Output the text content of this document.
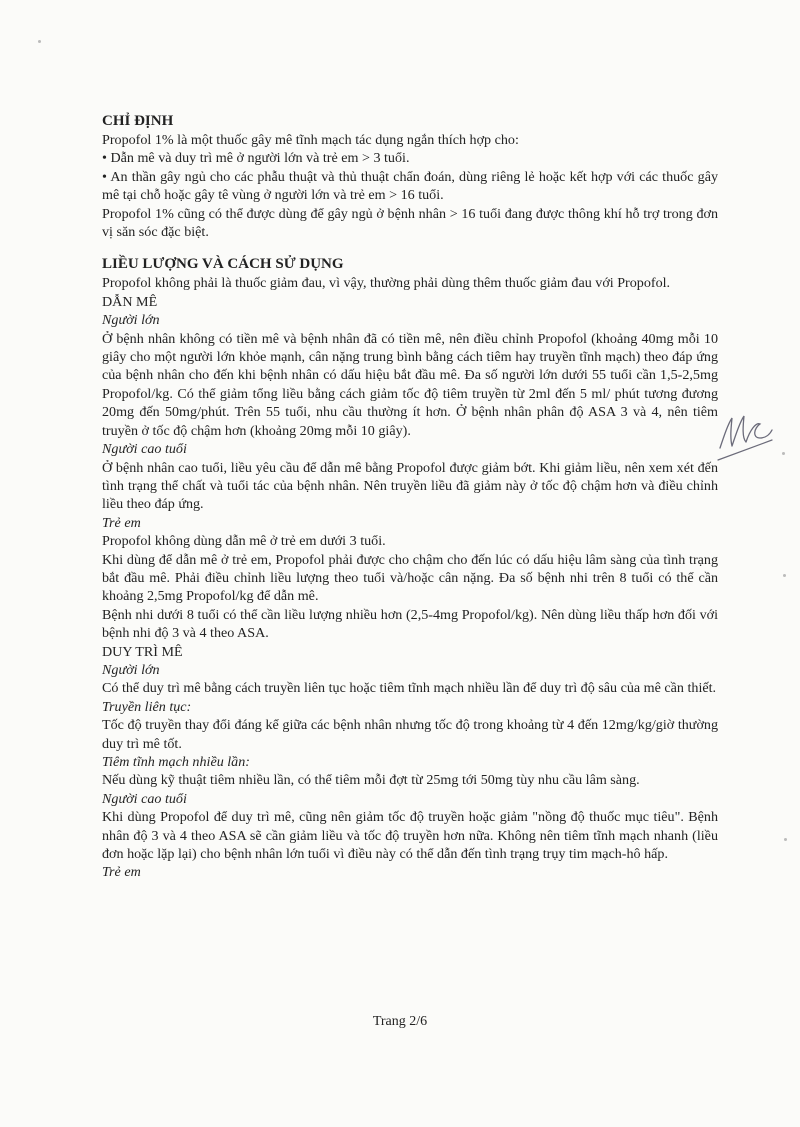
CHỈ ĐỊNH
Propofol 1% là một thuốc gây mê tĩnh mạch tác dụng ngắn thích hợp cho:
• Dẫn mê và duy trì mê ở người lớn và trẻ em > 3 tuổi.
• An thần gây ngủ cho các phẫu thuật và thủ thuật chẩn đoán, dùng riêng lẻ hoặc kết hợp với các thuốc gây mê tại chỗ hoặc gây tê vùng ở người lớn và trẻ em > 16 tuổi.
Propofol 1% cũng có thể được dùng để gây ngủ ở bệnh nhân > 16 tuổi đang được thông khí hỗ trợ trong đơn vị săn sóc đặc biệt.
LIỀU LƯỢNG VÀ CÁCH SỬ DỤNG
Propofol không phải là thuốc giảm đau, vì vậy, thường phải dùng thêm thuốc giảm đau với Propofol.
DẪN MÊ
Người lớn
Ở bệnh nhân không có tiền mê và bệnh nhân đã có tiền mê, nên điều chỉnh Propofol (khoảng 40mg mỗi 10 giây cho một người lớn khỏe mạnh, cân nặng trung bình bằng cách tiêm hay truyền tĩnh mạch) theo đáp ứng của bệnh nhân cho đến khi bệnh nhân có dấu hiệu bắt đầu mê. Đa số người lớn dưới 55 tuổi cần 1,5-2,5mg Propofol/kg. Có thể giảm tổng liều bằng cách giảm tốc độ tiêm truyền từ 2ml đến 5 ml/ phút tương đương 20mg đến 50mg/phút. Trên 55 tuổi, nhu cầu thường ít hơn. Ở bệnh nhân phân độ ASA 3 và 4, nên tiêm truyền ở tốc độ chậm hơn (khoảng 20mg mỗi 10 giây).
Người cao tuổi
Ở bệnh nhân cao tuổi, liều yêu cầu để dẫn mê bằng Propofol được giảm bớt. Khi giảm liều, nên xem xét đến tình trạng thể chất và tuổi tác của bệnh nhân. Nên truyền liều đã giảm này ở tốc độ chậm hơn và điều chỉnh liều theo đáp ứng.
Trẻ em
Propofol không dùng dẫn mê ở trẻ em dưới 3 tuổi.
Khi dùng để dẫn mê ở trẻ em, Propofol phải được cho chậm cho đến lúc có dấu hiệu lâm sàng của tình trạng bắt đầu mê. Phải điều chỉnh liều lượng theo tuổi và/hoặc cân nặng. Đa số bệnh nhi trên 8 tuổi có thể cần khoảng 2,5mg Propofol/kg để dẫn mê.
Bệnh nhi dưới 8 tuổi có thể cần liều lượng nhiều hơn (2,5-4mg Propofol/kg). Nên dùng liều thấp hơn đối với bệnh nhi độ 3 và 4 theo ASA.
DUY TRÌ MÊ
Người lớn
Có thể duy trì mê bằng cách truyền liên tục hoặc tiêm tĩnh mạch nhiều lần để duy trì độ sâu của mê cần thiết.
Truyền liên tục:
Tốc độ truyền thay đổi đáng kể giữa các bệnh nhân nhưng tốc độ trong khoảng từ 4 đến 12mg/kg/giờ thường duy trì mê tốt.
Tiêm tĩnh mạch nhiều lần:
Nếu dùng kỹ thuật tiêm nhiều lần, có thể tiêm mỗi đợt từ 25mg tới 50mg tùy nhu cầu lâm sàng.
Người cao tuổi
Khi dùng Propofol để duy trì mê, cũng nên giảm tốc độ truyền hoặc giảm "nồng độ thuốc mục tiêu". Bệnh nhân độ 3 và 4 theo ASA sẽ cần giảm liều và tốc độ truyền hơn nữa. Không nên tiêm tĩnh mạch nhanh (liều đơn hoặc lặp lại) cho bệnh nhân lớn tuổi vì điều này có thể dẫn đến tình trạng trụy tim mạch-hô hấp.
Trẻ em
Trang 2/6
